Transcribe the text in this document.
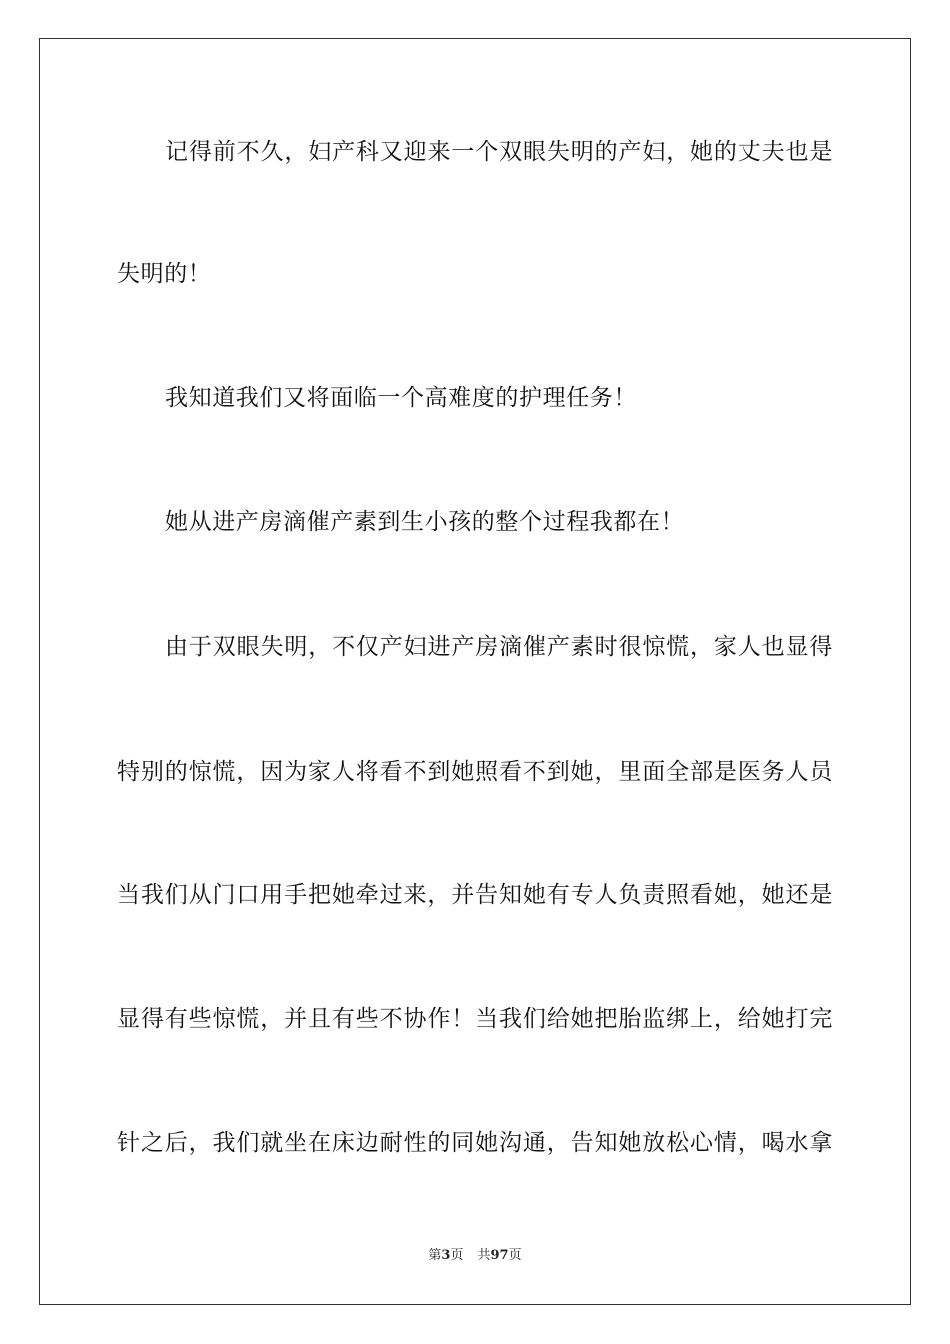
记得前不久，妇产科又迎来一个双眼失明的产妇，她的丈夫也是
失明的！
我知道我们又将面临一个高难度的护理任务！
她从进产房滴催产素到生小孩的整个过程我都在！
由于双眼失明，不仅产妇进产房滴催产素时很惊慌，家人也显得
特别的惊慌，因为家人将看不到她照看不到她，里面全部是医务人员
当我们从门口用手把她牵过来，并告知她有专人负责照看她，她还是
显得有些惊慌，并且有些不协作！当我们给她把胎监绑上，给她打完
针之后，我们就坐在床边耐性的同她沟通，告知她放松心情，喝水拿
第3页 共97页
